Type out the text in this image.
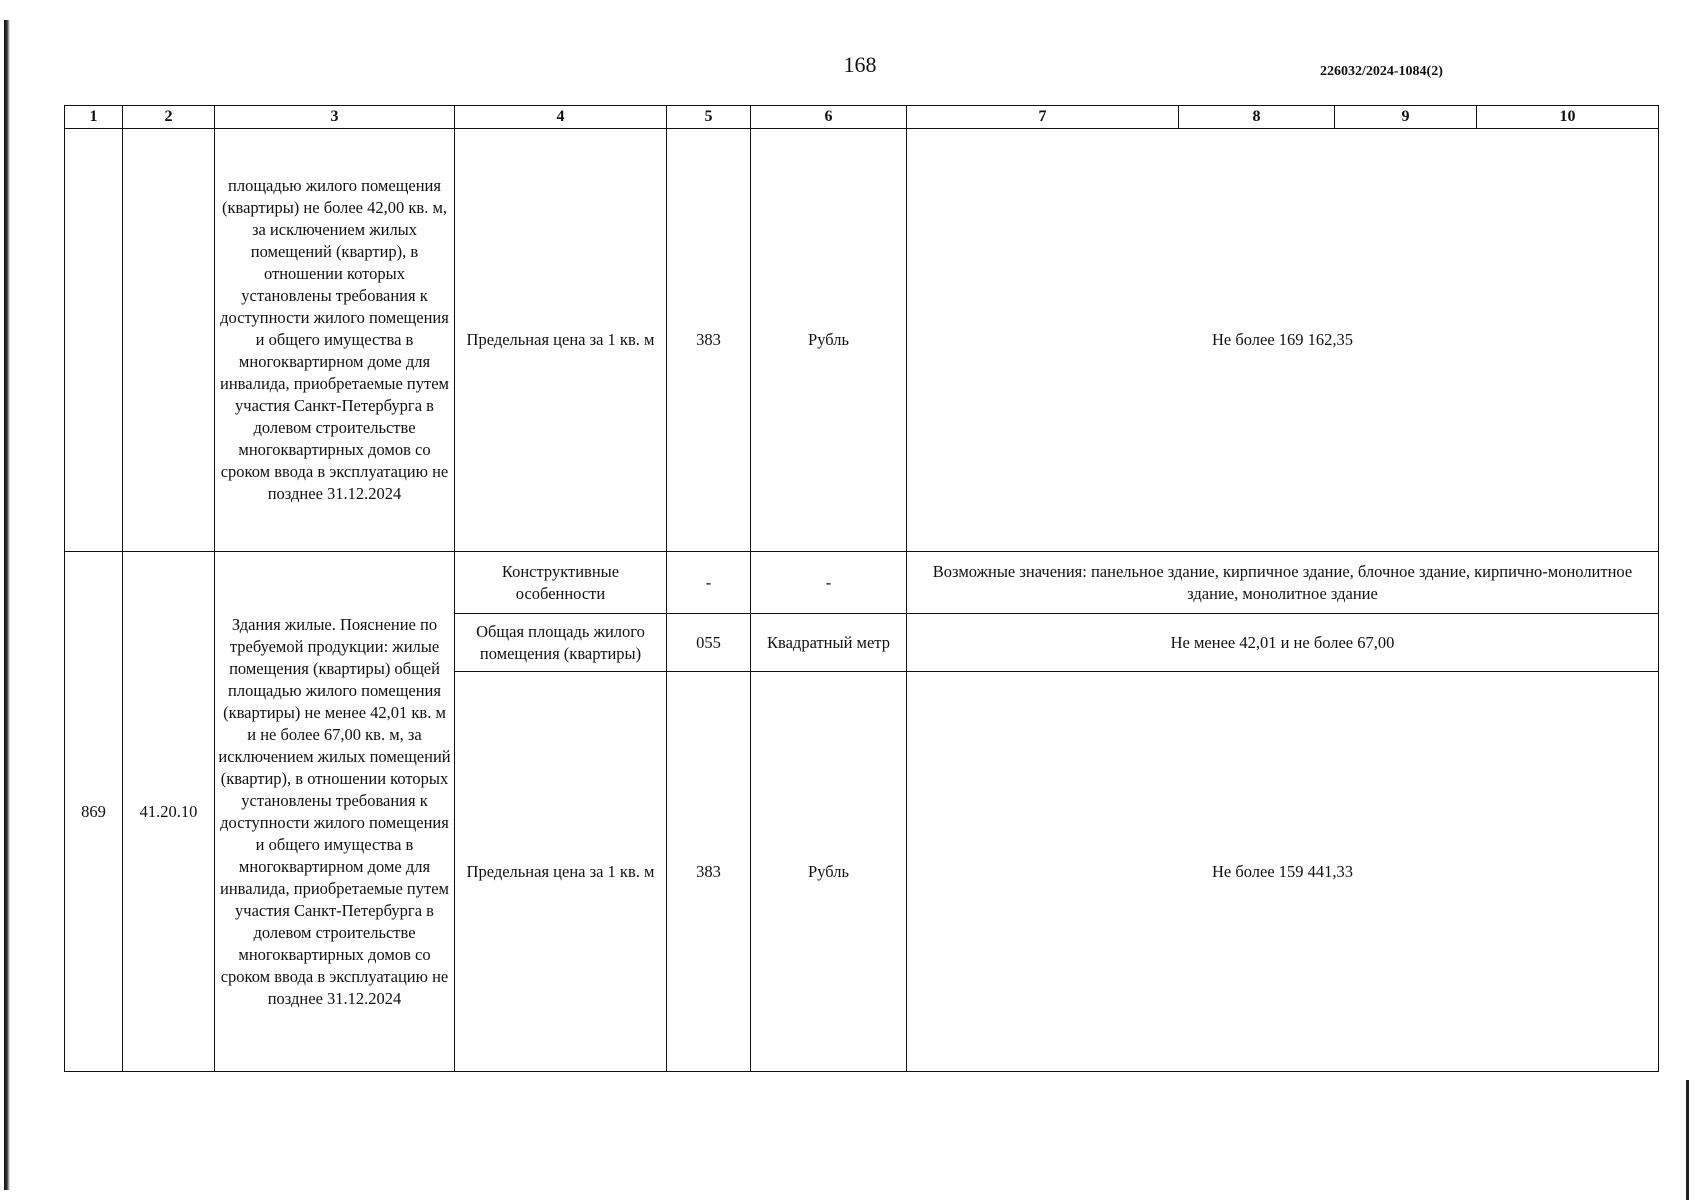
168	226032/2024-1084(2)
1	2	3	4	5	6	7	8	9	10
		площадью жилого помещения (квартиры) не более 42,00 кв. м, за исключением жилых помещений (квартир), в отношении которых установлены требования к доступности жилого помещения и общего имущества в многоквартирном доме для инвалида, приобретаемые путем участия Санкт-Петербурга в долевом строительстве многоквартирных домов со сроком ввода в эксплуатацию не позднее 31.12.2024	Предельная цена за 1 кв. м	383	Рубль	Не более 169 162,35			
869	41.20.10	Здания жилые. Пояснение по требуемой продукции: жилые помещения (квартиры) общей площадью жилого помещения (квартиры) не менее 42,01 кв. м и не более 67,00 кв. м, за исключением жилых помещений (квартир), в отношении которых установлены требования к доступности жилого помещения и общего имущества в многоквартирном доме для инвалида, приобретаемые путем участия Санкт-Петербурга в долевом строительстве многоквартирных домов со сроком ввода в эксплуатацию не позднее 31.12.2024	Конструктивные особенности	-	-	Возможные значения: панельное здание, кирпичное здание, блочное здание, кирпично-монолитное здание, монолитное здание			
			Общая площадь жилого помещения (квартиры)	055	Квадратный метр	Не менее 42,01 и не более 67,00			
			Предельная цена за 1 кв. м	383	Рубль	Не более 159 441,33			
